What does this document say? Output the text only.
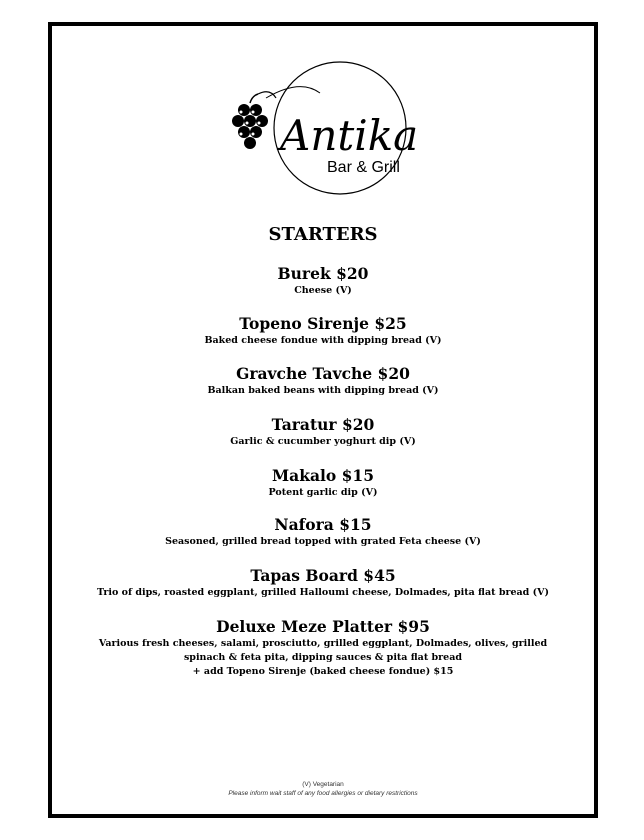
Antika
Bar & Grill
STARTERS
Burek $20
Cheese (V)
Topeno Sirenje $25
Baked cheese fondue with dipping bread (V)
Gravche Tavche $20
Balkan baked beans with dipping bread (V)
Taratur $20
Garlic & cucumber yoghurt dip (V)
Makalo $15
Potent garlic dip (V)
Nafora $15
Seasoned, grilled bread topped with grated Feta cheese (V)
Tapas Board $45
Trio of dips, roasted eggplant, grilled Halloumi cheese, Dolmades, pita flat bread (V)
Deluxe Meze Platter $95
Various fresh cheeses, salami, prosciutto, grilled eggplant, Dolmades, olives, grilled
spinach & feta pita, dipping sauces & pita flat bread
+ add Topeno Sirenje (baked cheese fondue) $15
(V) Vegetarian
Please inform wait staff of any food allergies or dietary restrictions
